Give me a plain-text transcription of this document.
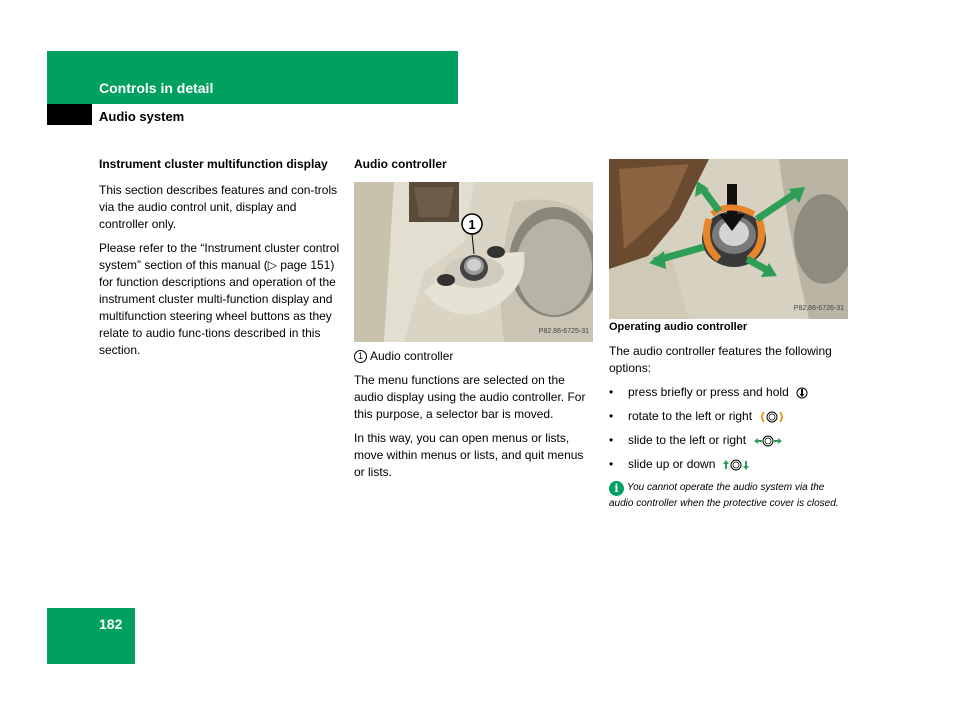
Controls in detail
Audio system

Instrument cluster multifunction display

This section describes features and con-trols via the audio control unit, display and controller only.

Please refer to the “Instrument cluster control system” section of this manual (▷ page 151) for function descriptions and operation of the instrument cluster multi-function display and multifunction steering wheel buttons as they relate to audio func-tions described in this section.

Audio controller

1
P82.86-6725-31

1 Audio controller

The menu functions are selected on the audio display using the audio controller. For this purpose, a selector bar is moved.

In this way, you can open menus or lists, move within menus or lists, and quit menus or lists.

P82.86-6726-31

Operating audio controller

The audio controller features the following options:

• press briefly or press and hold
• rotate to the left or right
• slide to the left or right
• slide up or down

i You cannot operate the audio system via the audio controller when the protective cover is closed.

182
